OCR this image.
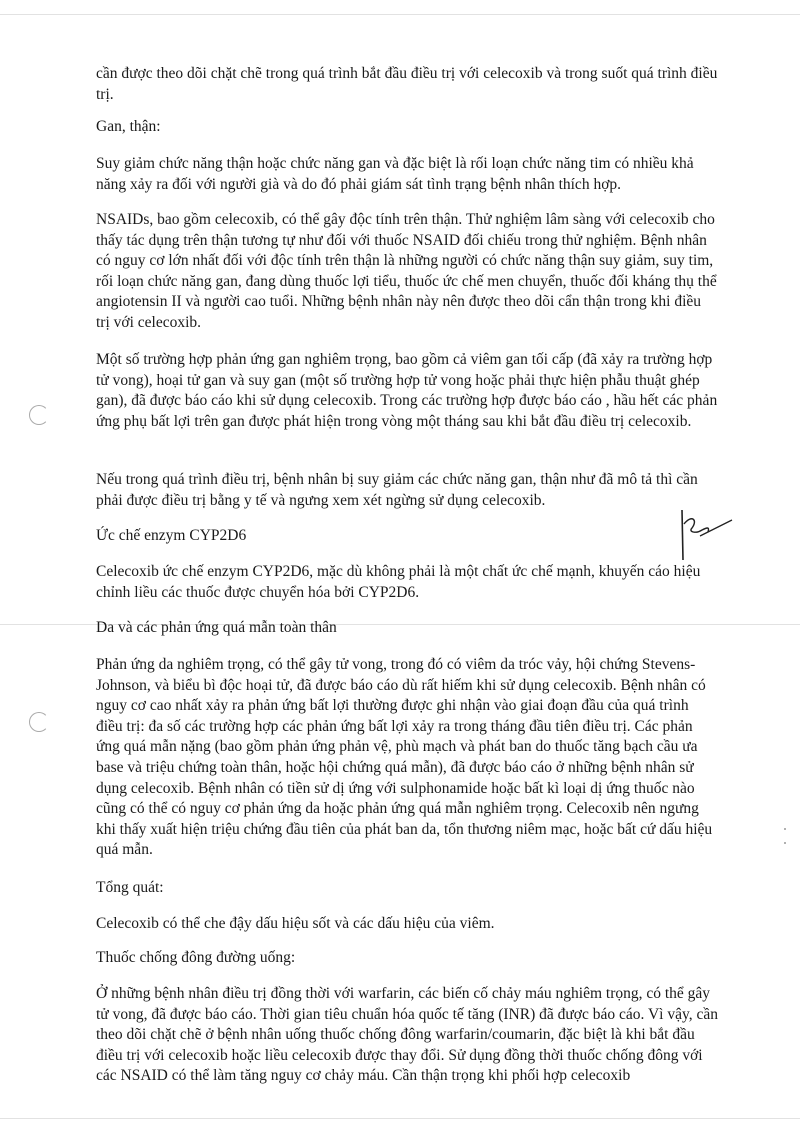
cần được theo dõi chặt chẽ trong quá trình bắt đầu điều trị với celecoxib và trong suốt quá trình điều trị.

Gan, thận:

Suy giảm chức năng thận hoặc chức năng gan và đặc biệt là rối loạn chức năng tim có nhiều khả năng xảy ra đối với người già và do đó phải giám sát tình trạng bệnh nhân thích hợp.

NSAIDs, bao gồm celecoxib, có thể gây độc tính trên thận. Thử nghiệm lâm sàng với celecoxib cho thấy tác dụng trên thận tương tự như đối với thuốc NSAID đối chiếu trong thử nghiệm. Bệnh nhân có nguy cơ lớn nhất đối với độc tính trên thận là những người có chức năng thận suy giảm, suy tim, rối loạn chức năng gan, đang dùng thuốc lợi tiểu, thuốc ức chế men chuyển, thuốc đối kháng thụ thể angiotensin II và người cao tuổi. Những bệnh nhân này nên được theo dõi cẩn thận trong khi điều trị với celecoxib.

Một số trường hợp phản ứng gan nghiêm trọng, bao gồm cả viêm gan tối cấp (đã xảy ra trường hợp tử vong), hoại tử gan và suy gan (một số trường hợp tử vong hoặc phải thực hiện phẫu thuật ghép gan), đã được báo cáo khi sử dụng celecoxib. Trong các trường hợp được báo cáo , hầu hết các phản ứng phụ bất lợi trên gan được phát hiện trong vòng một tháng sau khi bắt đầu điều trị celecoxib.

Nếu trong quá trình điều trị, bệnh nhân bị suy giảm các chức năng gan, thận như đã mô tả thì cần phải được điều trị bằng y tế và ngưng xem xét ngừng sử dụng celecoxib.

Ức chế enzym CYP2D6

Celecoxib ức chế enzym CYP2D6, mặc dù không phải là một chất ức chế mạnh, khuyến cáo hiệu chỉnh liều các thuốc được chuyển hóa bởi CYP2D6.

Da và các phản ứng quá mẫn toàn thân

Phản ứng da nghiêm trọng, có thể gây tử vong, trong đó có viêm da tróc vảy, hội chứng Stevens-Johnson, và biểu bì độc hoại tử, đã được báo cáo dù rất hiếm khi sử dụng celecoxib. Bệnh nhân có nguy cơ cao nhất xảy ra phản ứng bất lợi thường được ghi nhận vào giai đoạn đầu của quá trình điều trị: đa số các trường hợp các phản ứng bất lợi xảy ra trong tháng đầu tiên điều trị. Các phản ứng quá mẫn nặng (bao gồm phản ứng phản vệ, phù mạch và phát ban do thuốc tăng bạch cầu ưa base và triệu chứng toàn thân, hoặc hội chứng quá mẫn), đã được báo cáo ở những bệnh nhân sử dụng celecoxib. Bệnh nhân có tiền sử dị ứng với sulphonamide hoặc bất kì loại dị ứng thuốc nào cũng có thể có nguy cơ phản ứng da hoặc phản ứng quá mẫn nghiêm trọng. Celecoxib nên ngưng khi thấy xuất hiện triệu chứng đầu tiên của phát ban da, tổn thương niêm mạc, hoặc bất cứ dấu hiệu quá mẫn.

Tổng quát:

Celecoxib có thể che đậy dấu hiệu sốt và các dấu hiệu của viêm.

Thuốc chống đông đường uống:

Ở những bệnh nhân điều trị đồng thời với warfarin, các biến cố chảy máu nghiêm trọng, có thể gây tử vong, đã được báo cáo. Thời gian tiêu chuẩn hóa quốc tế tăng (INR) đã được báo cáo. Vì vậy, cần theo dõi chặt chẽ ở bệnh nhân uống thuốc chống đông warfarin/coumarin, đặc biệt là khi bắt đầu điều trị với celecoxib hoặc liều celecoxib được thay đổi. Sử dụng đồng thời thuốc chống đông với các NSAID có thể làm tăng nguy cơ chảy máu. Cần thận trọng khi phối hợp celecoxib
